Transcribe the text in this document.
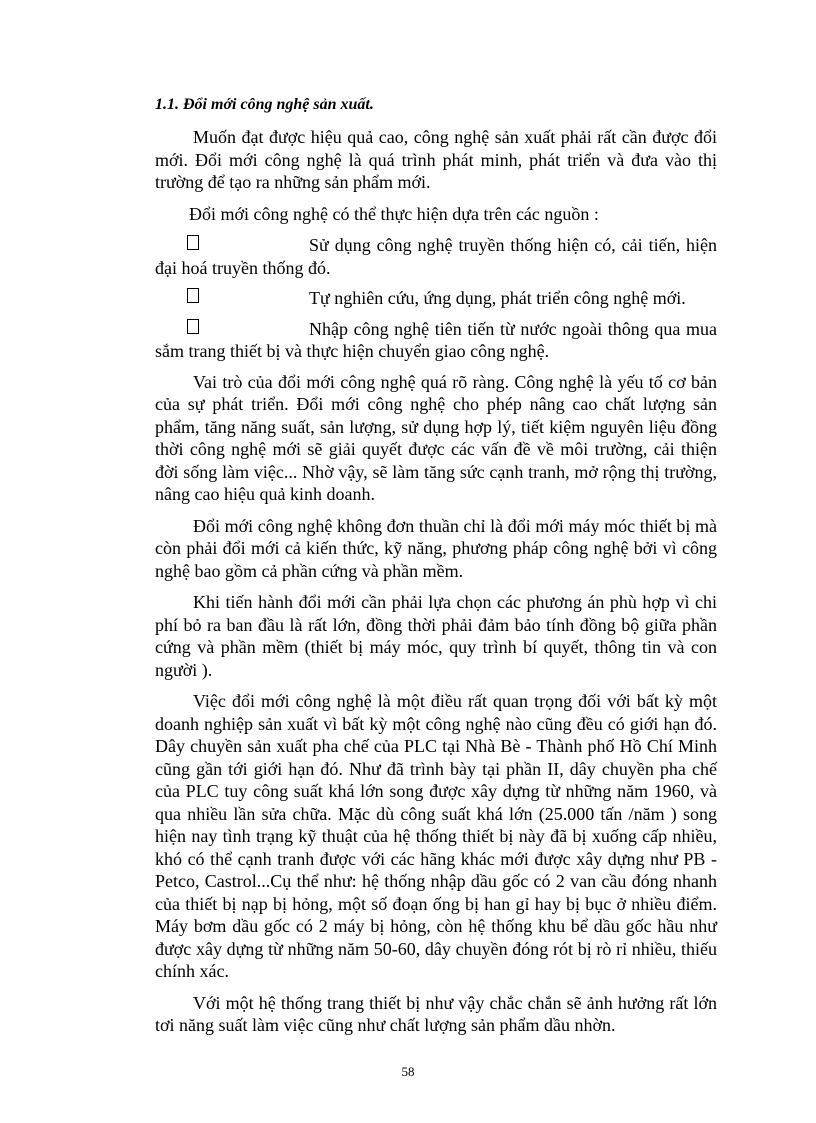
1.1. Đổi mới công nghệ sản xuất.

Muốn đạt được hiệu quả cao, công nghệ sản xuất phải rất cần được đổi mới. Đổi mới công nghệ là quá trình phát minh, phát triển và đưa vào thị trường để tạo ra những sản phẩm mới.

Đổi mới công nghệ có thể thực hiện dựa trên các nguồn :

Sử dụng công nghệ truyền thống hiện có, cải tiến, hiện đại hoá truyền thống đó.

Tự nghiên cứu, ứng dụng, phát triển công nghệ mới.

Nhập công nghệ tiên tiến từ nước ngoài thông qua mua sắm trang thiết bị và thực hiện chuyển giao công nghệ.

Vai trò của đổi mới công nghệ quá rõ ràng. Công nghệ là yếu tố cơ bản của sự phát triển. Đổi mới công nghệ cho phép nâng cao chất lượng sản phẩm, tăng năng suất, sản lượng, sử dụng hợp lý, tiết kiệm nguyên liệu đồng thời công nghệ mới sẽ giải quyết được các vấn đề về môi trường, cải thiện đời sống làm việc... Nhờ vậy, sẽ làm tăng sức cạnh tranh, mở rộng thị trường, nâng cao hiệu quả kinh doanh.

Đổi mới công nghệ không đơn thuần chỉ là đổi mới máy móc thiết bị mà còn phải đổi mới cả kiến thức, kỹ năng, phương pháp công nghệ bởi vì công nghệ bao gồm cả phần cứng và phần mềm.

Khi tiến hành đổi mới cần phải lựa chọn các phương án phù hợp vì chi phí bỏ ra ban đầu là rất lớn, đồng thời phải đảm bảo tính đồng bộ giữa phần cứng và phần mềm (thiết bị máy móc, quy trình bí quyết, thông tin và con người ).

Việc đổi mới công nghệ là một điều rất quan trọng đối với bất kỳ một doanh nghiệp sản xuất vì bất kỳ một công nghệ nào cũng đều có giới hạn đó. Dây chuyền sản xuất pha chế của PLC tại Nhà Bè - Thành phố Hồ Chí Minh cũng gần tới giới hạn đó. Như đã trình bày tại phần II, dây chuyền pha chế của PLC tuy công suất khá lớn song được xây dựng từ những năm 1960, và qua nhiều lần sửa chữa. Mặc dù công suất khá lớn (25.000 tấn /năm ) song hiện nay tình trạng kỹ thuật của hệ thống thiết bị này đã bị xuống cấp nhiều, khó có thể cạnh tranh được với các hãng khác mới được xây dựng như PB -Petco, Castrol...Cụ thể như: hệ thống nhập dầu gốc có 2 van cầu đóng nhanh của thiết bị nạp bị hỏng, một số đoạn ống bị han gỉ hay bị bục ở nhiều điểm. Máy bơm dầu gốc có 2 máy bị hỏng, còn hệ thống khu bể dầu gốc hầu như được xây dựng từ những năm 50-60, dây chuyền đóng rót bị rò rỉ nhiều, thiếu chính xác.

Với một hệ thống trang thiết bị như vậy chắc chắn sẽ ảnh hưởng rất lớn tơi năng suất làm việc cũng như chất lượng sản phẩm dầu nhờn.

58
